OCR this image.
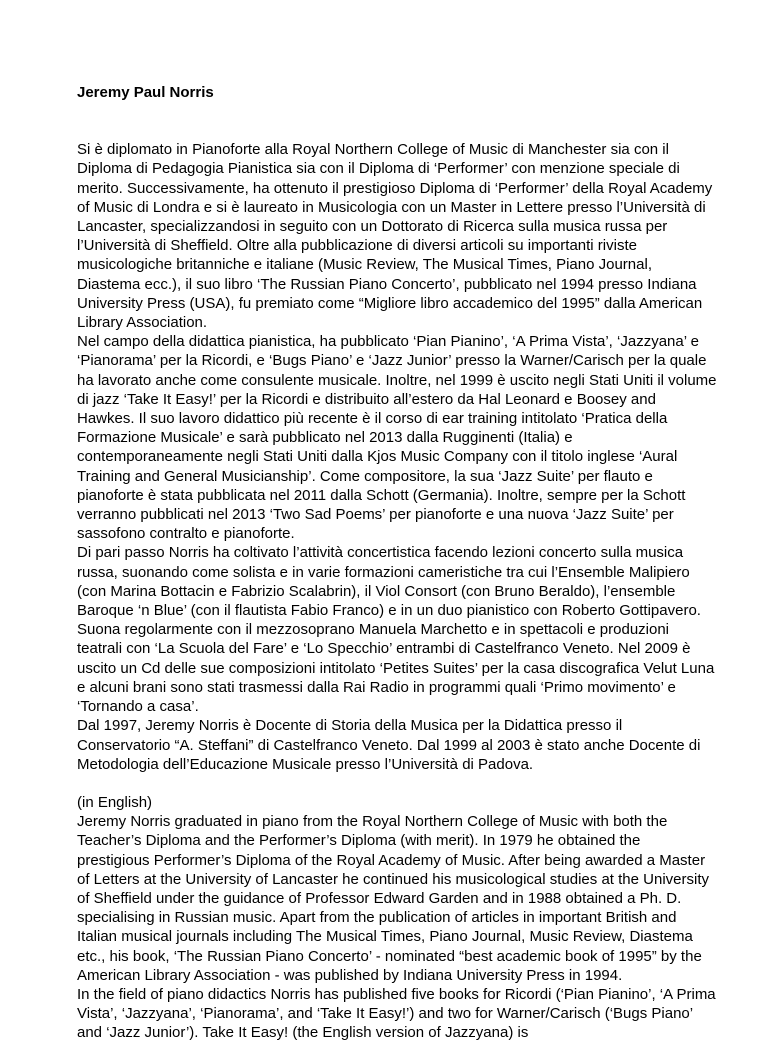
Jeremy Paul Norris

Si è diplomato in Pianoforte alla Royal Northern College of Music di Manchester sia con il Diploma di Pedagogia Pianistica sia con il Diploma di ‘Performer’ con menzione speciale di merito. Successivamente, ha ottenuto il prestigioso Diploma di ‘Performer’ della Royal Academy of Music di Londra e si è laureato in Musicologia con un Master in Lettere presso l’Università di Lancaster, specializzandosi in seguito con un Dottorato di Ricerca sulla musica russa per l’Università di Sheffield. Oltre alla pubblicazione di diversi articoli su importanti riviste musicologiche britanniche e italiane (Music Review, The Musical Times, Piano Journal, Diastema ecc.), il suo libro ‘The Russian Piano Concerto’, pubblicato nel 1994 presso Indiana University Press (USA), fu premiato come “Migliore libro accademico del 1995” dalla American Library Association.

Nel campo della didattica pianistica, ha pubblicato ‘Pian Pianino’, ‘A Prima Vista’, ‘Jazzyana’ e ‘Pianorama’ per la Ricordi, e ‘Bugs Piano’ e ‘Jazz Junior’ presso la Warner/Carisch per la quale ha lavorato anche come consulente musicale. Inoltre, nel 1999 è uscito negli Stati Uniti il volume di jazz ‘Take It Easy!’ per la Ricordi e distribuito all’estero da Hal Leonard e Boosey and Hawkes. Il suo lavoro didattico più recente è il corso di ear training intitolato ‘Pratica della Formazione Musicale’ e sarà pubblicato nel 2013 dalla Rugginenti (Italia) e contemporaneamente negli Stati Uniti dalla Kjos Music Company con il titolo inglese ‘Aural Training and General Musicianship’. Come compositore, la sua ‘Jazz Suite’ per flauto e pianoforte è stata pubblicata nel 2011 dalla Schott (Germania). Inoltre, sempre per la Schott verranno pubblicati nel 2013 ‘Two Sad Poems’ per pianoforte e una nuova ‘Jazz Suite’ per sassofono contralto e pianoforte.

Di pari passo Norris ha coltivato l’attività concertistica facendo lezioni concerto sulla musica russa, suonando come solista e in varie formazioni cameristiche tra cui l’Ensemble Malipiero (con Marina Bottacin e Fabrizio Scalabrin), il Viol Consort (con Bruno Beraldo), l’ensemble Baroque ‘n Blue’ (con il flautista Fabio Franco) e in un duo pianistico con Roberto Gottipavero. Suona regolarmente con il mezzosoprano Manuela Marchetto e in spettacoli e produzioni teatrali con ‘La Scuola del Fare’ e ‘Lo Specchio’ entrambi di Castelfranco Veneto. Nel 2009 è uscito un Cd delle sue composizioni intitolato ‘Petites Suites’ per la casa discografica Velut Luna e alcuni brani sono stati trasmessi dalla Rai Radio in programmi quali ‘Primo movimento’ e ‘Tornando a casa’.

Dal 1997, Jeremy Norris è Docente di Storia della Musica per la Didattica presso il Conservatorio “A. Steffani” di Castelfranco Veneto. Dal 1999 al 2003 è stato anche Docente di Metodologia dell’Educazione Musicale presso l’Università di Padova.

(in English)

Jeremy Norris graduated in piano from the Royal Northern College of Music with both the Teacher’s Diploma and the Performer’s Diploma (with merit). In 1979 he obtained the prestigious Performer’s Diploma of the Royal Academy of Music. After being awarded a Master of Letters at the University of Lancaster he continued his musicological studies at the University of Sheffield under the guidance of Professor Edward Garden and in 1988 obtained a Ph. D. specialising in Russian music. Apart from the publication of articles in important British and Italian musical journals including The Musical Times, Piano Journal, Music Review, Diastema etc., his book, ‘The Russian Piano Concerto’ - nominated “best academic book of 1995” by the American Library Association - was published by Indiana University Press in 1994.

In the field of piano didactics Norris has published five books for Ricordi (‘Pian Pianino’, ‘A Prima Vista’, ‘Jazzyana’, ‘Pianorama’, and ‘Take It Easy!’) and two for Warner/Carisch (‘Bugs Piano’ and ‘Jazz Junior’). Take It Easy! (the English version of Jazzyana) is
